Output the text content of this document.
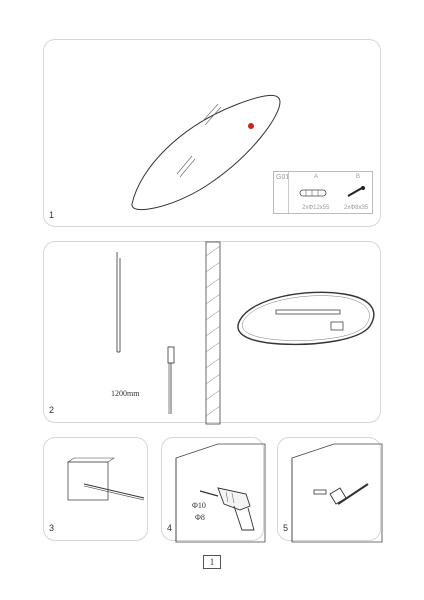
G01	A	B
2xΦ12x55 2xΦ8x35
1
1200mm
2
3
Φ10
Φ8
4	5
1
